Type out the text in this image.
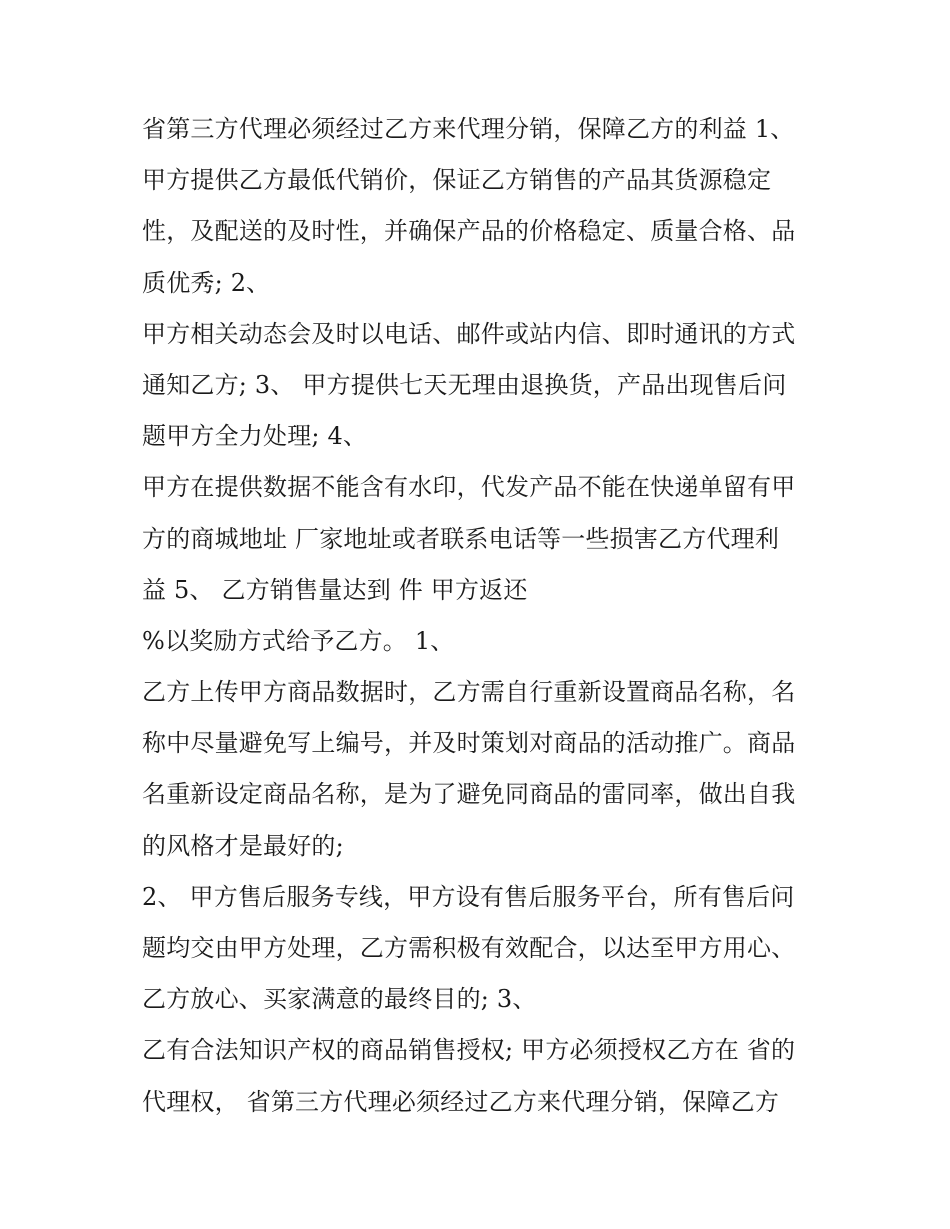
省第三方代理必须经过乙方来代理分销，保障乙方的利益 1、
甲方提供乙方最低代销价，保证乙方销售的产品其货源稳定
性，及配送的及时性，并确保产品的价格稳定、质量合格、品
质优秀; 2、
甲方相关动态会及时以电话、邮件或站内信、即时通讯的方式
通知乙方; 3、 甲方提供七天无理由退换货，产品出现售后问
题甲方全力处理; 4、
甲方在提供数据不能含有水印，代发产品不能在快递单留有甲
方的商城地址 厂家地址或者联系电话等一些损害乙方代理利
益 5、 乙方销售量达到 件 甲方返还
%以奖励方式给予乙方。 1、
乙方上传甲方商品数据时，乙方需自行重新设置商品名称，名
称中尽量避免写上编号，并及时策划对商品的活动推广。商品
名重新设定商品名称，是为了避免同商品的雷同率，做出自我
的风格才是最好的;
2、 甲方售后服务专线，甲方设有售后服务平台，所有售后问
题均交由甲方处理，乙方需积极有效配合，以达至甲方用心、
乙方放心、买家满意的最终目的; 3、
乙有合法知识产权的商品销售授权; 甲方必须授权乙方在 省的
代理权， 省第三方代理必须经过乙方来代理分销，保障乙方
